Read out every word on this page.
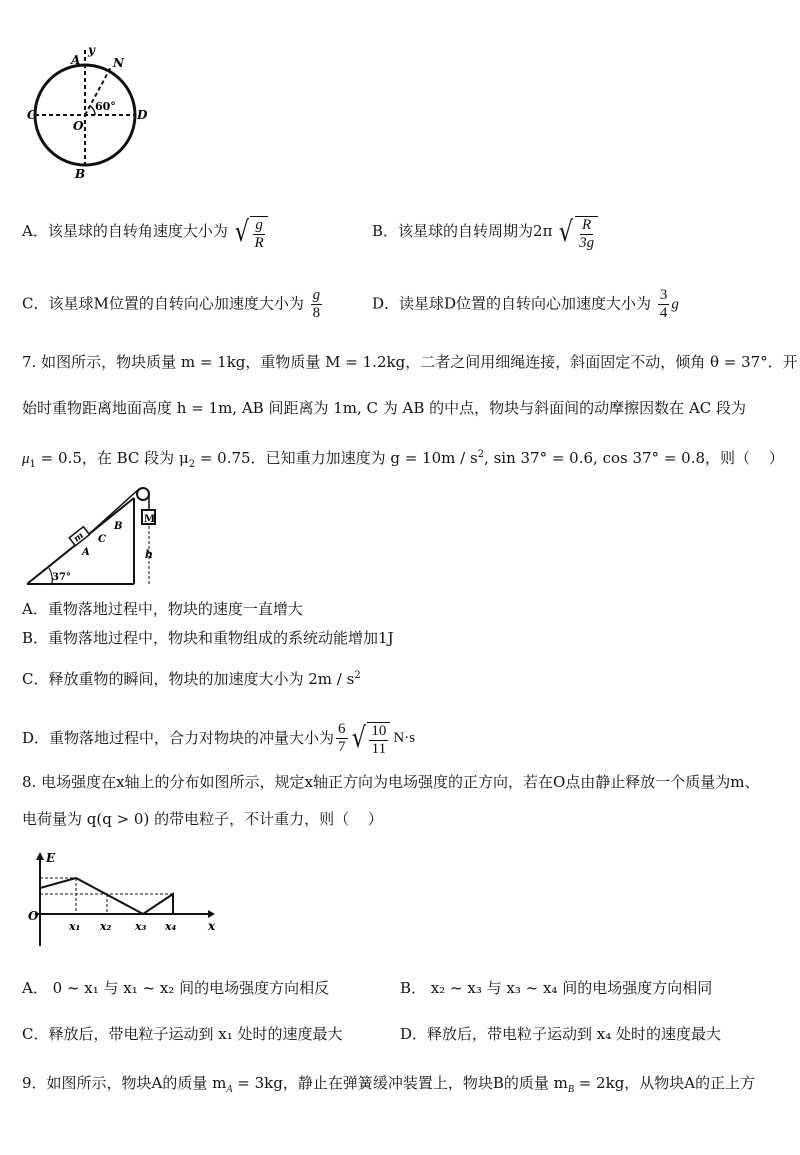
y
A	N
60°
C	D
O
B
A．该星球的自转角速度大小为 √ $\frac{g}{R}$	B．该星球的自转周期为2π √ $\frac{R}{3g}$
C．该星球M位置的自转向心加速度大小为 $\frac{g}{8}$	D．读星球D位置的自转向心加速度大小为 $\frac{3}{4}$ g
7. 如图所示，物块质量 m = 1kg，重物质量 M = 1.2kg，二者之间用细绳连接，斜面固定不动，倾角 θ = 37°．开
始时重物距离地面高度 h = 1m, AB 间距离为 1m, C 为 AB 的中点，物块与斜面间的动摩擦因数在 AC 段为
$\mu_1 = 0.5$，在 BC 段为 $\mu_2 = 0.75$．已知重力加速度为 $g = 10m / s^2$, sin 37° = 0.6, cos 37° = 0.8，则（ ）
M
h
m
A
C
B
37°
A．重物落地过程中，物块的速度一直增大
B．重物落地过程中，物块和重物组成的系统动能增加1J
C．释放重物的瞬间，物块的加速度大小为 $2m / s^2$
D．重物落地过程中，合力对物块的冲量大小为 $\frac{6}{7}$ √ $\frac{10}{11} N\cdot s$
8. 电场强度在x轴上的分布如图所示，规定x轴正方向为电场强度的正方向，若在O点由静止释放一个质量为m、
电荷量为 q(q > 0) 的带电粒子，不计重力，则（ ）
E
O
x
x₁ x₂ x₃ x₄
A． 0 ~ x₁ 与 x₁ ~ x₂ 间的电场强度方向相反	B． x₂ ~ x₃ 与 x₃ ~ x₄ 间的电场强度方向相同
C．释放后，带电粒子运动到 x₁ 处时的速度最大	D．释放后，带电粒子运动到 x₄ 处时的速度最大
9．如图所示，物块A的质量 $m_A = 3kg$，静止在弹簧缓冲装置上，物块B的质量 $m_B = 2kg$，从物块A的正上方
